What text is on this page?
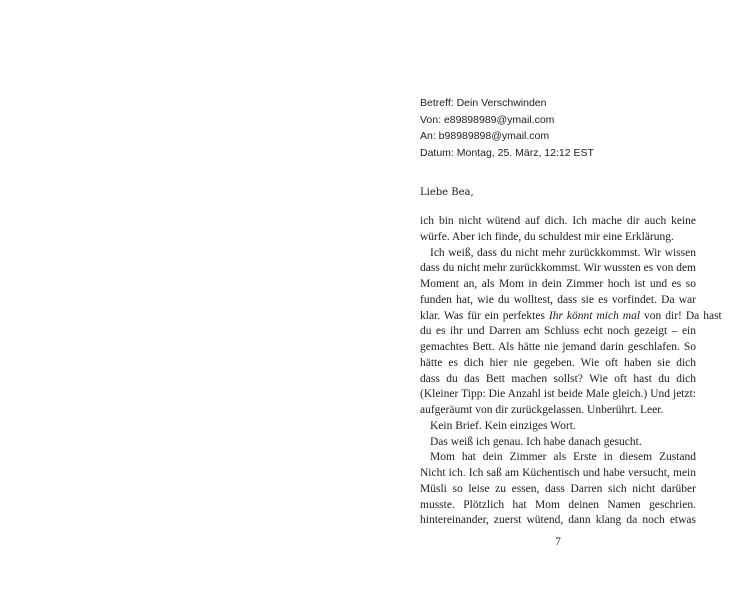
Betreff: Dein Verschwinden
Von: e89898989@ymail.com
An: b98989898@ymail.com
Datum: Montag, 25. März, 12:12 EST
Liebe Bea,
ich bin nicht wütend auf dich. Ich mache dir auch keine
würfe. Aber ich finde, du schuldest mir eine Erklärung.
Ich weiß, dass du nicht mehr zurückkommst. Wir wissen
dass du nicht mehr zurückkommst. Wir wussten es von dem
Moment an, als Mom in dein Zimmer hoch ist und es so
funden hat, wie du wolltest, dass sie es vorfindet. Da war
klar. Was für ein perfektes Ihr könnt mich mal von dir! Da hast
du es ihr und Darren am Schluss echt noch gezeigt – ein
gemachtes Bett. Als hätte nie jemand darin geschlafen. So
hätte es dich hier nie gegeben. Wie oft haben sie dich
dass du das Bett machen sollst? Wie oft hast du dich
(Kleiner Tipp: Die Anzahl ist beide Male gleich.) Und jetzt:
aufgeräumt von dir zurückgelassen. Unberührt. Leer.
Kein Brief. Kein einziges Wort.
Das weiß ich genau. Ich habe danach gesucht.
Mom hat dein Zimmer als Erste in diesem Zustand
Nicht ich. Ich saß am Küchentisch und habe versucht, mein
Müsli so leise zu essen, dass Darren sich nicht darüber
musste. Plötzlich hat Mom deinen Namen geschrien.
hintereinander, zuerst wütend, dann klang da noch etwas
7
